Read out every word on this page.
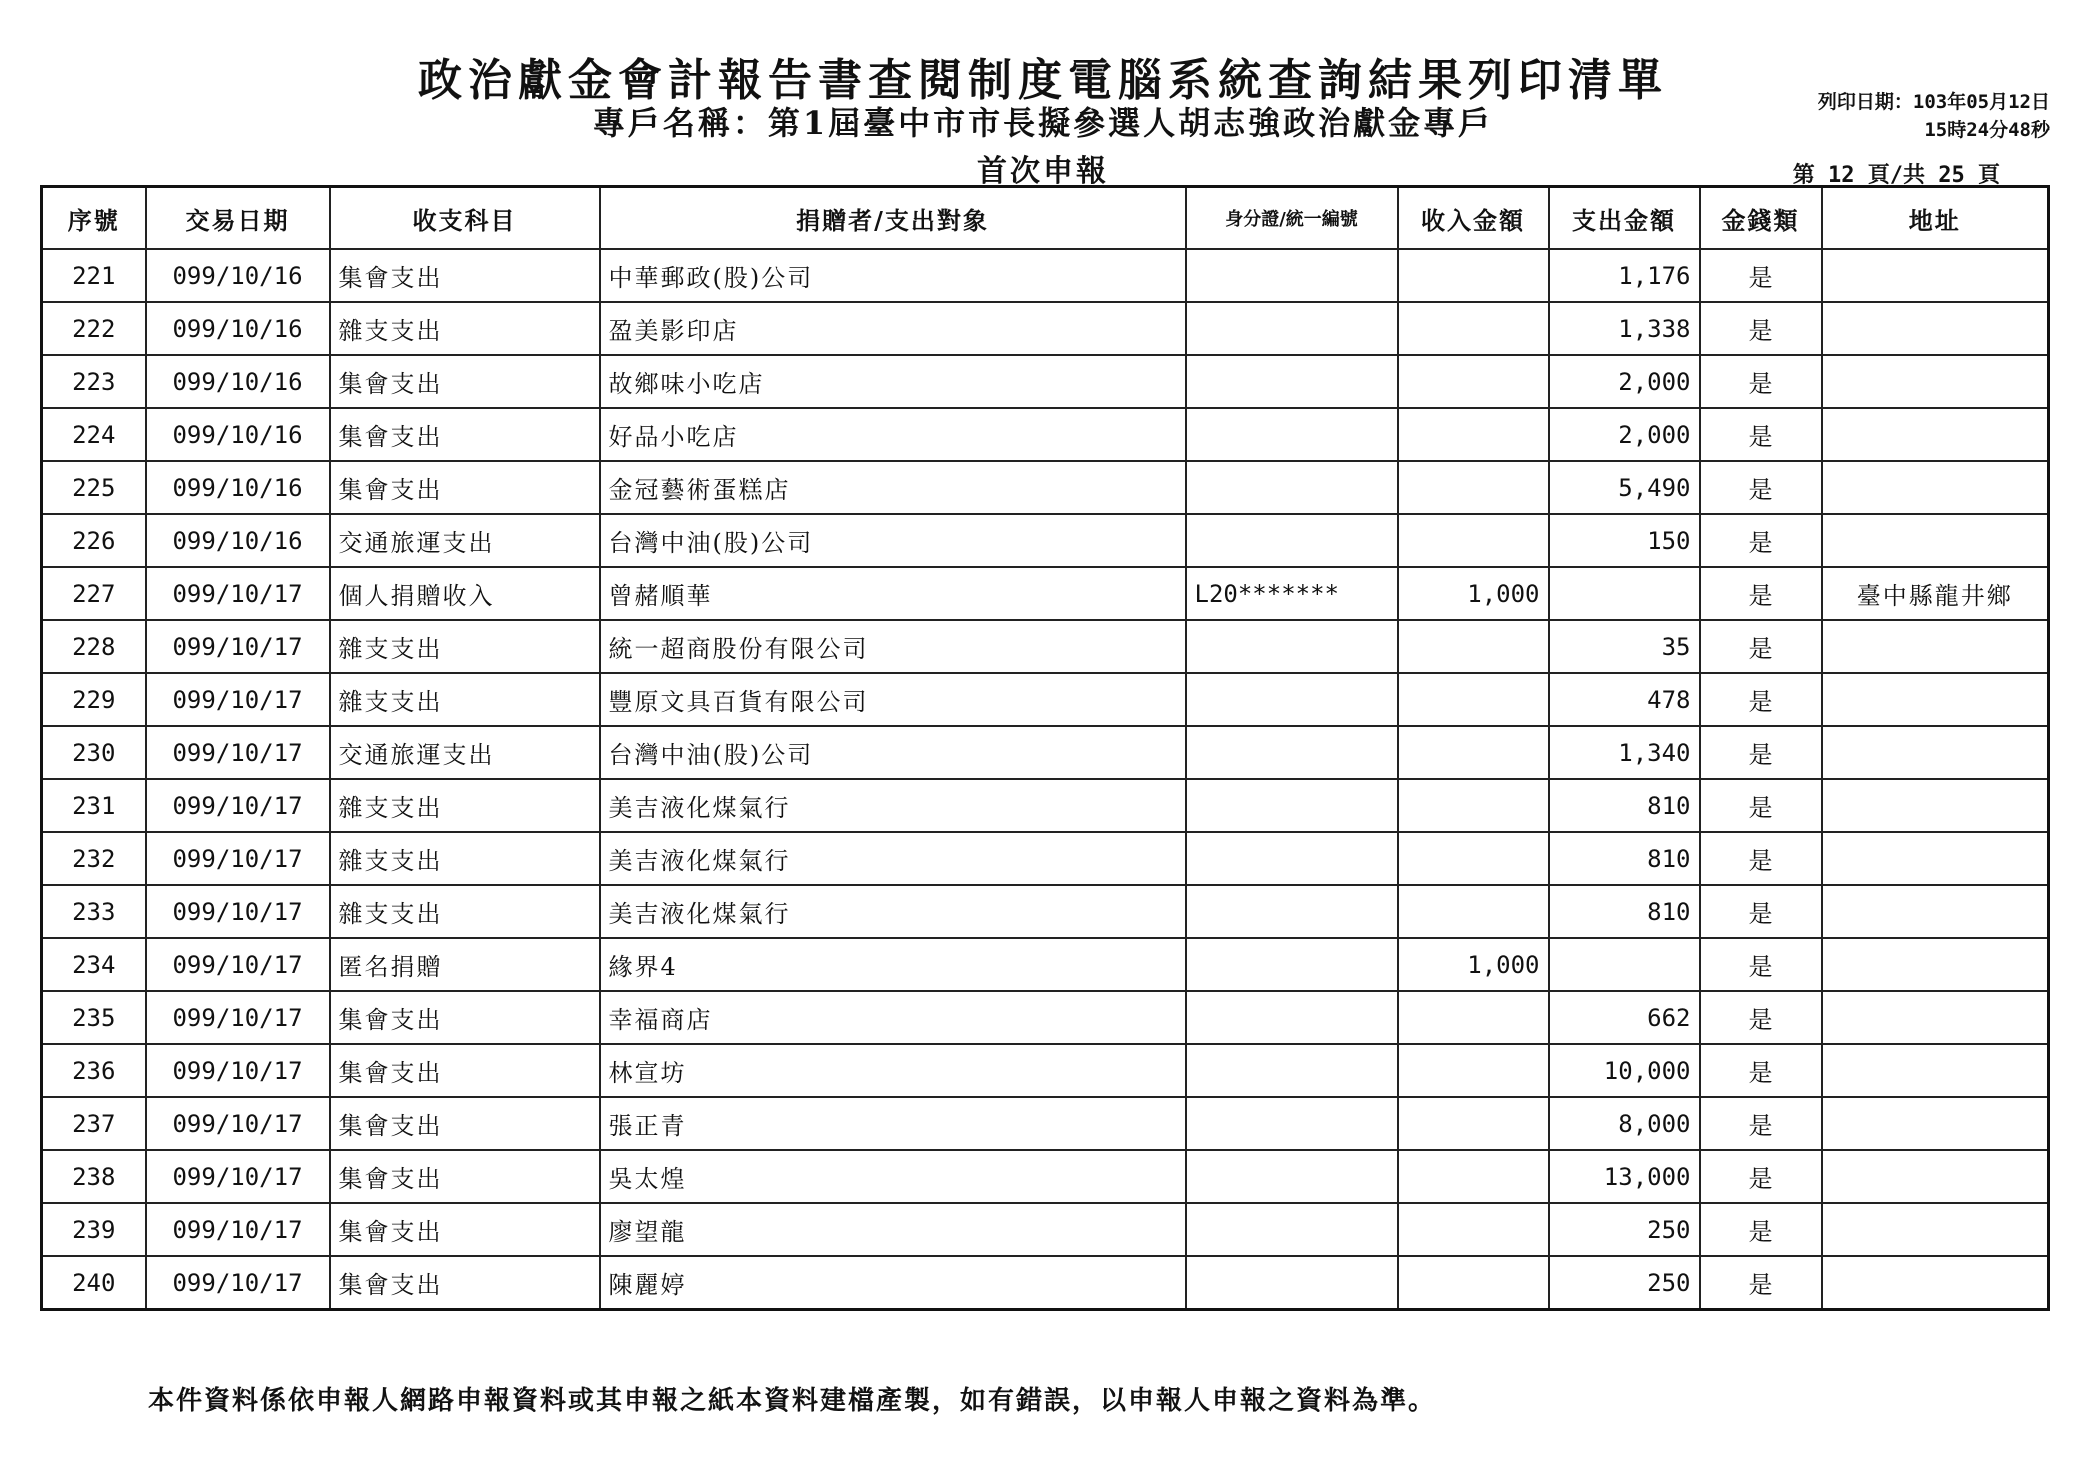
政治獻金會計報告書查閱制度電腦系統查詢結果列印清單
專戶名稱：第1屆臺中市市長擬參選人胡志強政治獻金專戶
首次申報
列印日期：103年05月12日
15時24分48秒
第 12 頁/共 25 頁
序號	交易日期	收支科目	捐贈者/支出對象	身分證/統一編號	收入金額	支出金額	金錢類	地址
221	099/10/16	集會支出	中華郵政(股)公司			1,176	是	
222	099/10/16	雜支支出	盈美影印店			1,338	是	
223	099/10/16	集會支出	故鄉味小吃店			2,000	是	
224	099/10/16	集會支出	好品小吃店			2,000	是	
225	099/10/16	集會支出	金冠藝術蛋糕店			5,490	是	
226	099/10/16	交通旅運支出	台灣中油(股)公司			150	是	
227	099/10/17	個人捐贈收入	曾赭順華	L20*******	1,000		是	臺中縣龍井鄉
228	099/10/17	雜支支出	統一超商股份有限公司			35	是	
229	099/10/17	雜支支出	豐原文具百貨有限公司			478	是	
230	099/10/17	交通旅運支出	台灣中油(股)公司			1,340	是	
231	099/10/17	雜支支出	美吉液化煤氣行			810	是	
232	099/10/17	雜支支出	美吉液化煤氣行			810	是	
233	099/10/17	雜支支出	美吉液化煤氣行			810	是	
234	099/10/17	匿名捐贈	緣界4		1,000		是	
235	099/10/17	集會支出	幸福商店			662	是	
236	099/10/17	集會支出	林宣坊			10,000	是	
237	099/10/17	集會支出	張正青			8,000	是	
238	099/10/17	集會支出	吳太煌			13,000	是	
239	099/10/17	集會支出	廖望龍			250	是	
240	099/10/17	集會支出	陳麗婷			250	是	
本件資料係依申報人網路申報資料或其申報之紙本資料建檔產製，如有錯誤，以申報人申報之資料為準。
